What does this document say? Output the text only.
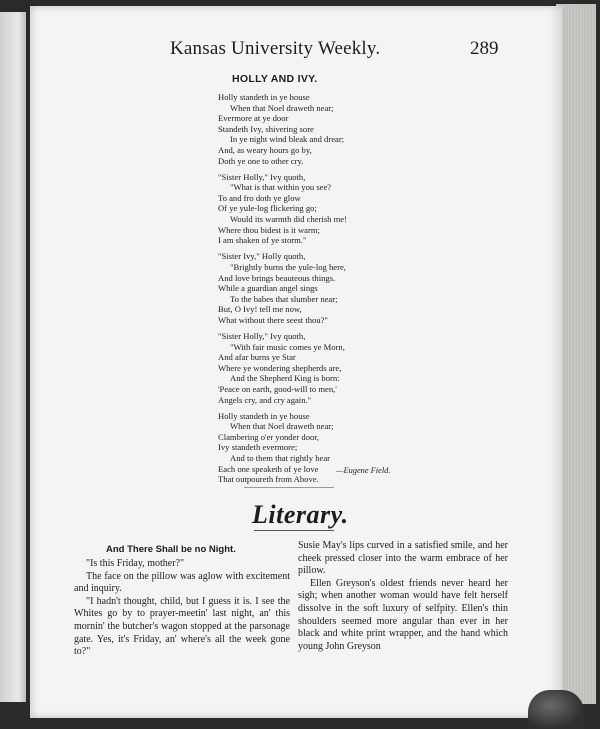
Kansas University Weekly.	289
HOLLY AND IVY.
Holly standeth in ye house
When that Noel draweth near;
Evermore at ye door
Standeth Ivy, shivering sore
In ye night wind bleak and drear;
And, as weary hours go by,
Doth ye one to other cry.
"Sister Holly," Ivy quoth,
"What is that within you see?
To and fro doth ye glow
Of ye yule-log flickering go;
Would its warmth did cherish me!
Where thou bidest is it warm;
I am shaken of ye storm."
"Sister Ivy," Holly quoth,
"Brightly burns the yule-log here,
And love brings beauteous things.
While a guardian angel sings
To the babes that slumber near;
But, O Ivy! tell me now,
What without there seest thou?"
"Sister Holly," Ivy quoth,
"With fair music comes ye Morn,
And afar burns ye Star
Where ye wondering shepherds are,
And the Shepherd King is born:
'Peace on earth, good-will to men,'
Angels cry, and cry again."
Holly standeth in ye house
When that Noel draweth near;
Clambering o'er yonder door,
Ivy standeth evermore;
And to them that rightly hear
Each one speaketh of ye love
That outpoureth from Above.
—Eugene Field.
Literary.
And There Shall be no Night.
"Is this Friday, mother?"
The face on the pillow was aglow with excitement and inquiry.
"I hadn't thought, child, but I guess it is. I see the Whites go by to prayer-meetin' last night, an' this mornin' the butcher's wagon stopped at the parsonage gate. Yes, it's Friday, an' where's all the week gone to?"
Susie May's lips curved in a satisfied smile, and her cheek pressed closer into the warm embrace of her pillow.
Ellen Greyson's oldest friends never heard her sigh; when another woman would have felt herself dissolve in the soft luxury of selfpity. Ellen's thin shoulders seemed more angular than ever in her black and white print wrapper, and the hand which young John Greyson
